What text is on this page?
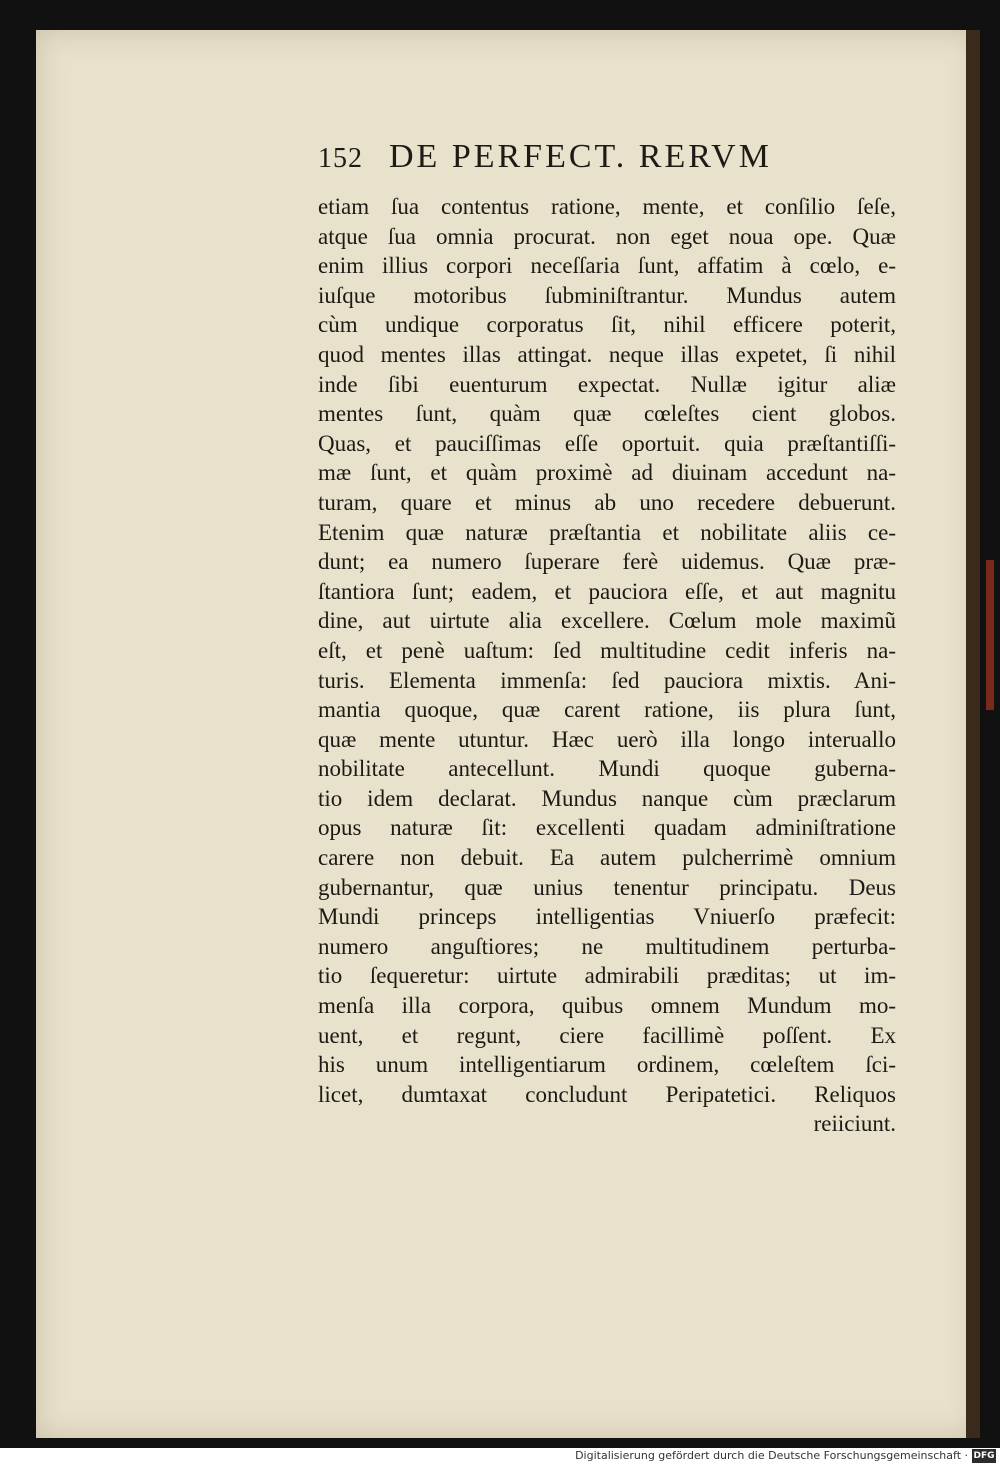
152 DE PERFECT. RERVM
etiam ſua contentus ratione, mente, et conſilio ſeſe,
atque ſua omnia procurat. non eget noua ope. Quæ
enim illius corpori neceſſaria ſunt, affatim à cœlo, e-
iuſque motoribus ſubminiſtrantur. Mundus autem
cùm undique corporatus ſit, nihil efficere poterit,
quod mentes illas attingat. neque illas expetet, ſi nihil
inde ſibi euenturum expectat. Nullæ igitur aliæ
mentes ſunt, quàm quæ cœleſtes cient globos.
Quas, et pauciſſimas eſſe oportuit. quia præſtantiſſi-
mæ ſunt, et quàm proximè ad diuinam accedunt na-
turam, quare et minus ab uno recedere debuerunt.
Etenim quæ naturæ præſtantia et nobilitate aliis ce-
dunt; ea numero ſuperare ferè uidemus. Quæ præ-
ſtantiora ſunt; eadem, et pauciora eſſe, et aut magnitu
dine, aut uirtute alia excellere. Cœlum mole maximũ
eſt, et penè uaſtum: ſed multitudine cedit inferis na-
turis. Elementa immenſa: ſed pauciora mixtis. Ani-
mantia quoque, quæ carent ratione, iis plura ſunt,
quæ mente utuntur. Hæc uerò illa longo interuallo
nobilitate antecellunt. Mundi quoque guberna-
tio idem declarat. Mundus nanque cùm præclarum
opus naturæ ſit: excellenti quadam adminiſtratione
carere non debuit. Ea autem pulcherrimè omnium
gubernantur, quæ unius tenentur principatu. Deus
Mundi princeps intelligentias Vniuerſo præfecit:
numero anguſtiores; ne multitudinem perturba-
tio ſequeretur: uirtute admirabili præditas; ut im-
menſa illa corpora, quibus omnem Mundum mo-
uent, et regunt, ciere facillimè poſſent. Ex
his unum intelligentiarum ordinem, cœleſtem ſci-
licet, dumtaxat concludunt Peripatetici. Reliquos
reiiciunt.
Digitalisierung gefördert durch die Deutsche Forschungsgemeinschaft · DFG
